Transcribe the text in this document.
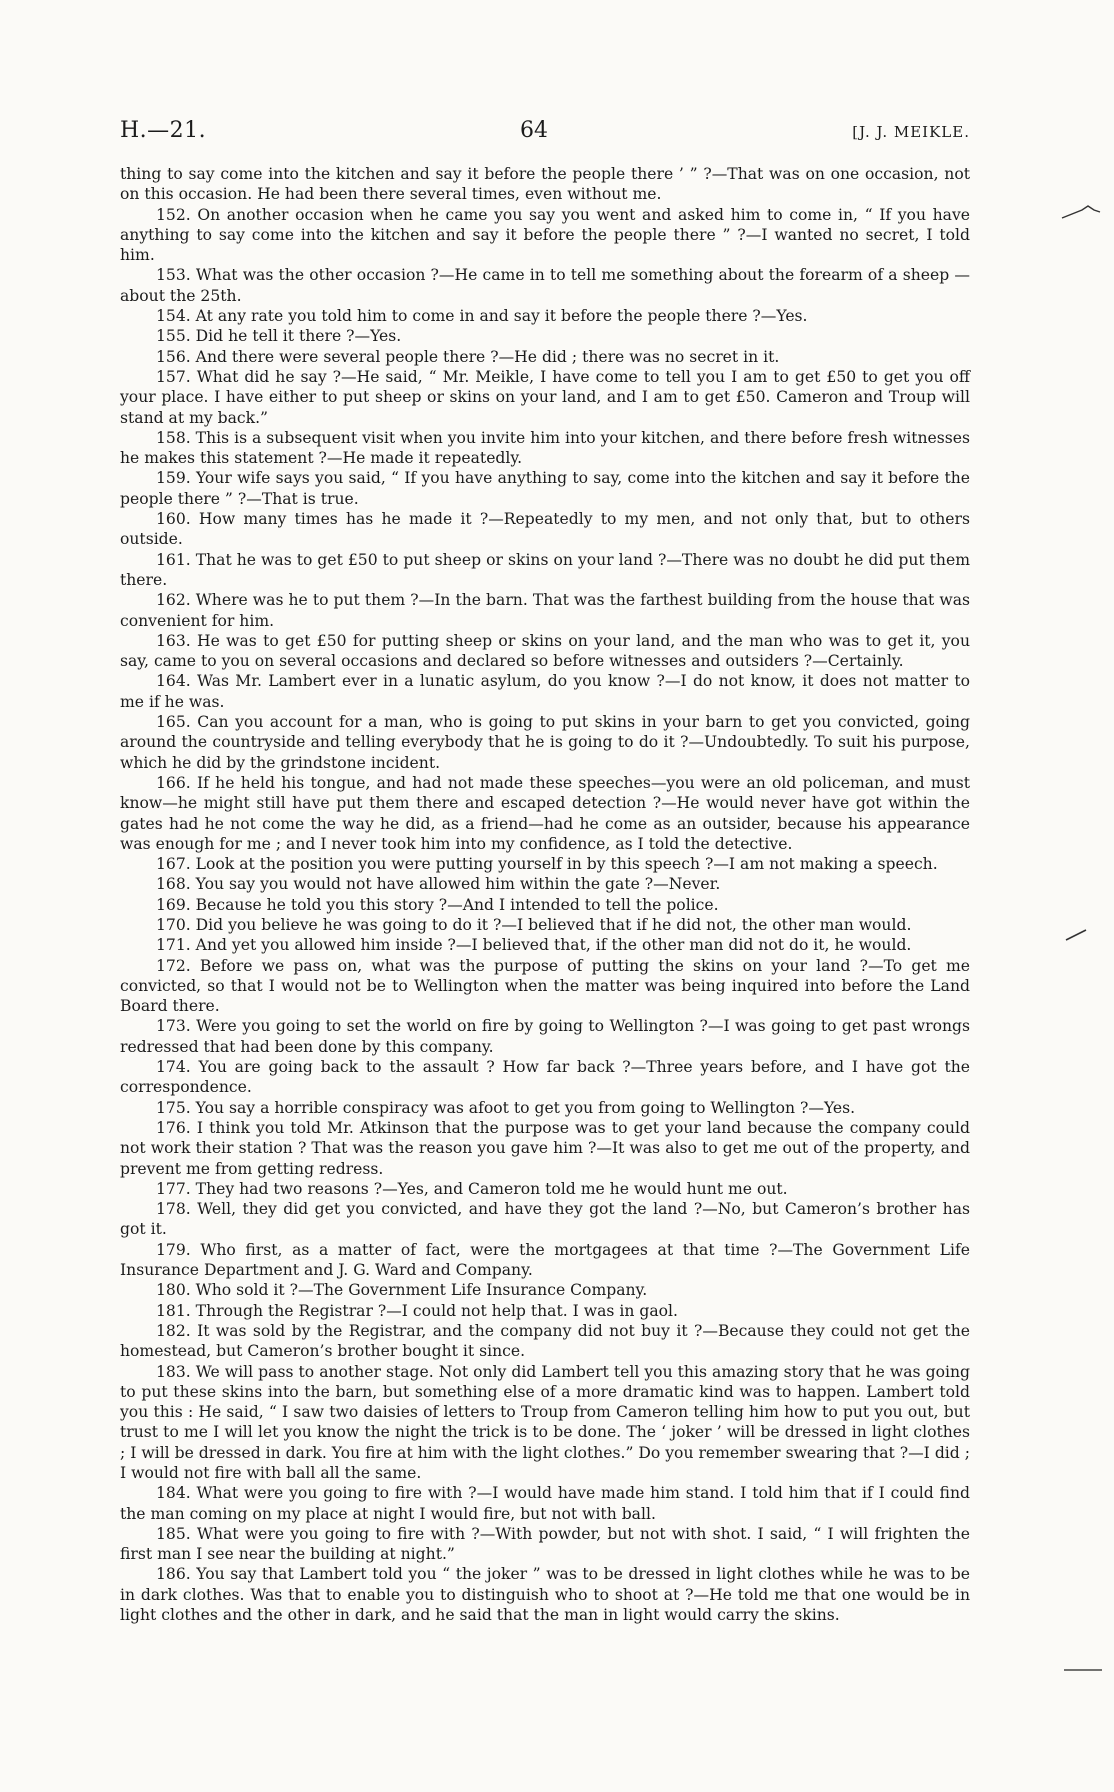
H.—21.	64	[J. J. MEIKLE.

thing to say come into the kitchen and say it before the people there ’ ” ?—That was on one occasion, not on this occasion. He had been there several times, even without me.

152. On another occasion when he came you say you went and asked him to come in, “ If you have anything to say come into the kitchen and say it before the people there ” ?—I wanted no secret, I told him.

153. What was the other occasion ?—He came in to tell me something about the forearm of a sheep —about the 25th.

154. At any rate you told him to come in and say it before the people there ?—Yes.

155. Did he tell it there ?—Yes.

156. And there were several people there ?—He did ; there was no secret in it.

157. What did he say ?—He said, “ Mr. Meikle, I have come to tell you I am to get £50 to get you off your place. I have either to put sheep or skins on your land, and I am to get £50. Cameron and Troup will stand at my back.”

158. This is a subsequent visit when you invite him into your kitchen, and there before fresh witnesses he makes this statement ?—He made it repeatedly.

159. Your wife says you said, “ If you have anything to say, come into the kitchen and say it before the people there ” ?—That is true.

160. How many times has he made it ?—Repeatedly to my men, and not only that, but to others outside.

161. That he was to get £50 to put sheep or skins on your land ?—There was no doubt he did put them there.

162. Where was he to put them ?—In the barn. That was the farthest building from the house that was convenient for him.

163. He was to get £50 for putting sheep or skins on your land, and the man who was to get it, you say, came to you on several occasions and declared so before witnesses and outsiders ?—Certainly.

164. Was Mr. Lambert ever in a lunatic asylum, do you know ?—I do not know, it does not matter to me if he was.

165. Can you account for a man, who is going to put skins in your barn to get you convicted, going around the countryside and telling everybody that he is going to do it ?—Undoubtedly. To suit his purpose, which he did by the grindstone incident.

166. If he held his tongue, and had not made these speeches—you were an old policeman, and must know—he might still have put them there and escaped detection ?—He would never have got within the gates had he not come the way he did, as a friend—had he come as an outsider, because his appearance was enough for me ; and I never took him into my confidence, as I told the detective.

167. Look at the position you were putting yourself in by this speech ?—I am not making a speech.

168. You say you would not have allowed him within the gate ?—Never.

169. Because he told you this story ?—And I intended to tell the police.

170. Did you believe he was going to do it ?—I believed that if he did not, the other man would.

171. And yet you allowed him inside ?—I believed that, if the other man did not do it, he would.

172. Before we pass on, what was the purpose of putting the skins on your land ?—To get me convicted, so that I would not be to Wellington when the matter was being inquired into before the Land Board there.

173. Were you going to set the world on fire by going to Wellington ?—I was going to get past wrongs redressed that had been done by this company.

174. You are going back to the assault ? How far back ?—Three years before, and I have got the correspondence.

175. You say a horrible conspiracy was afoot to get you from going to Wellington ?—Yes.

176. I think you told Mr. Atkinson that the purpose was to get your land because the company could not work their station ? That was the reason you gave him ?—It was also to get me out of the property, and prevent me from getting redress.

177. They had two reasons ?—Yes, and Cameron told me he would hunt me out.

178. Well, they did get you convicted, and have they got the land ?—No, but Cameron’s brother has got it.

179. Who first, as a matter of fact, were the mortgagees at that time ?—The Government Life Insurance Department and J. G. Ward and Company.

180. Who sold it ?—The Government Life Insurance Company.

181. Through the Registrar ?—I could not help that. I was in gaol.

182. It was sold by the Registrar, and the company did not buy it ?—Because they could not get the homestead, but Cameron’s brother bought it since.

183. We will pass to another stage. Not only did Lambert tell you this amazing story that he was going to put these skins into the barn, but something else of a more dramatic kind was to happen. Lambert told you this : He said, “ I saw two daisies of letters to Troup from Cameron telling him how to put you out, but trust to me I will let you know the night the trick is to be done. The ‘ joker ’ will be dressed in light clothes ; I will be dressed in dark. You fire at him with the light clothes.” Do you remember swearing that ?—I did ; I would not fire with ball all the same.

184. What were you going to fire with ?—I would have made him stand. I told him that if I could find the man coming on my place at night I would fire, but not with ball.

185. What were you going to fire with ?—With powder, but not with shot. I said, “ I will frighten the first man I see near the building at night.”

186. You say that Lambert told you “ the joker ” was to be dressed in light clothes while he was to be in dark clothes. Was that to enable you to distinguish who to shoot at ?—He told me that one would be in light clothes and the other in dark, and he said that the man in light would carry the skins.
